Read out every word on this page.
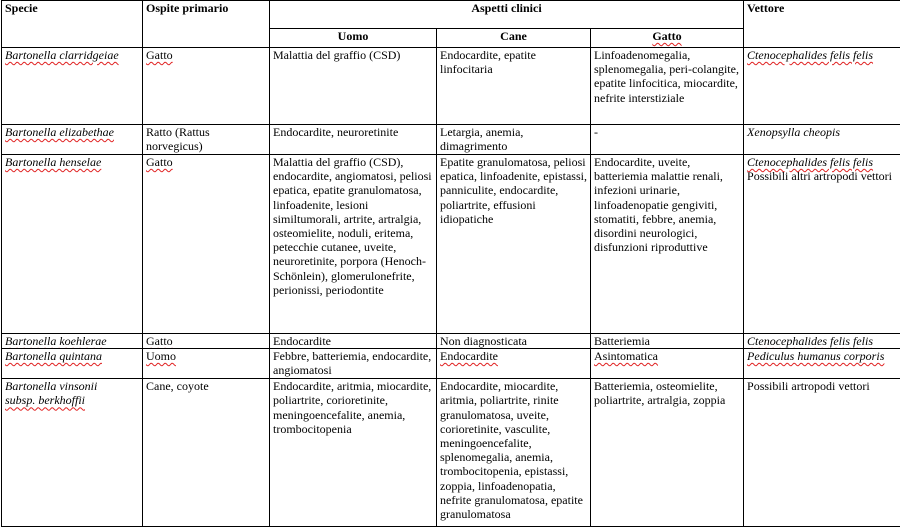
Specie	Ospite primario	Aspetti clinici			Vettore
		Uomo	Cane	Gatto	
Bartonella clarridgeiae	Gatto	Malattia del graffio (CSD)	Endocardite, epatite linfocitaria	Linfoadenomegalia, splenomegalia, peri-colangite, epatite linfocitica, miocardite, nefrite interstiziale	Ctenocephalides felis felis
Bartonella elizabethae	Ratto (Rattus norvegicus)	Endocardite, neuroretinite	Letargia, anemia, dimagrimento	-	Xenopsylla cheopis
Bartonella henselae	Gatto	Malattia del graffio (CSD), endocardite, angiomatosi, peliosi epatica, epatite granulomatosa, linfoadenite, lesioni similtumorali, artrite, artralgia, osteomielite, noduli, eritema, petecchie cutanee, uveite, neuroretinite, porpora (Henoch-Schönlein), glomerulonefrite, perionissi, periodontite	Epatite granulomatosa, peliosi epatica, linfoadenite, epistassi, panniculite, endocardite, poliartrite, effusioni idiopatiche	Endocardite, uveite, batteriemia malattie renali, infezioni urinarie, linfoadenopatie gengiviti, stomatiti, febbre, anemia, disordini neurologici, disfunzioni riproduttive	Ctenocephalides felis felis
Possibili altri artropodi vettori
Bartonella koehlerae	Gatto	Endocardite	Non diagnosticata	Batteriemia	Ctenocephalides felis felis
Bartonella quintana	Uomo	Febbre, batteriemia, endocardite, angiomatosi	Endocardite	Asintomatica	Pediculus humanus corporis
Bartonella vinsonii
subsp. berkhoffii	Cane, coyote	Endocardite, aritmia, miocardite, poliartrite, corioretinite, meningoencefalite, anemia, trombocitopenia	Endocardite, miocardite, aritmia, poliartrite, rinite granulomatosa, uveite, corioretinite, vasculite, meningoencefalite, splenomegalia, anemia, trombocitopenia, epistassi, zoppia, linfoadenopatia, nefrite granulomatosa, epatite granulomatosa	Batteriemia, osteomielite, poliartrite, artralgia, zoppia	Possibili artropodi vettori
